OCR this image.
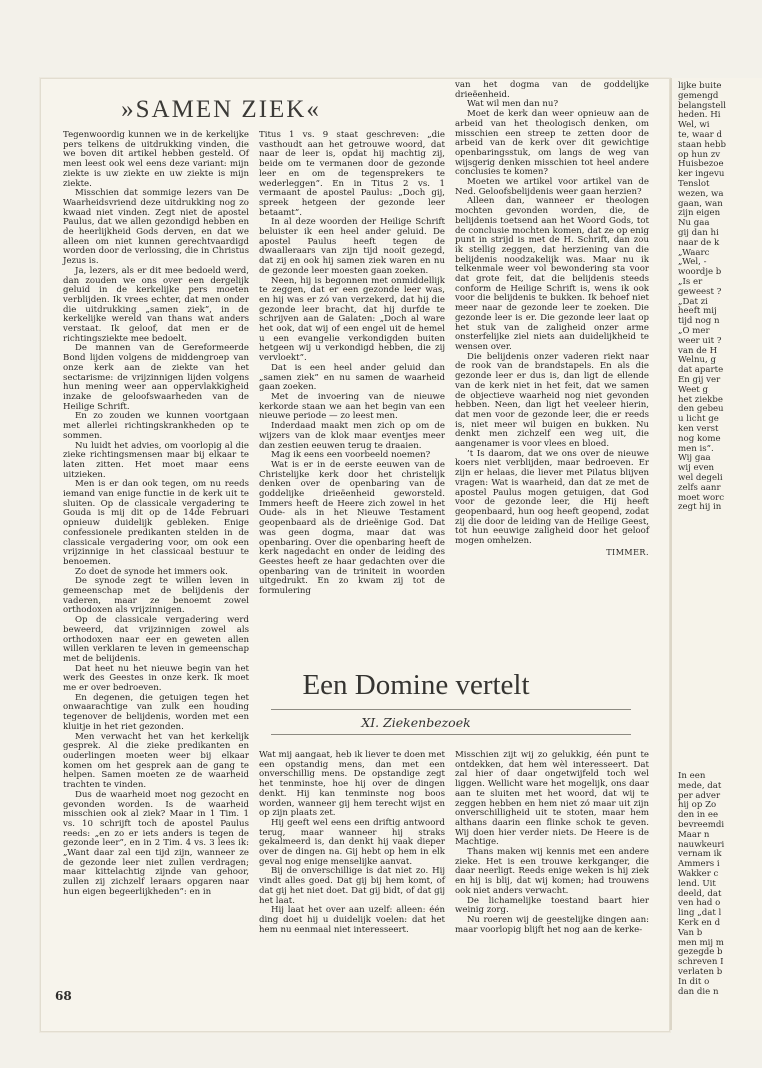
»SAMEN ZIEK«

Tegenwoordig kunnen we in de kerkelijke pers telkens de uitdrukking vinden, die we boven dit artikel hebben gesteld. Of men leest ook wel eens deze variant: mijn ziekte is uw ziekte en uw ziekte is mijn ziekte.

Misschien dat sommige lezers van De Waarheidsvriend deze uitdrukking nog zo kwaad niet vinden. Zegt niet de apostel Paulus, dat we allen gezondigd hebben en de heerlijkheid Gods derven, en dat we alleen om niet kunnen gerechtvaardigd worden door de verlossing, die in Christus Jezus is.

Ja, lezers, als er dit mee bedoeld werd, dan zouden we ons over een dergelijk geluid in de kerkelijke pers moeten verblijden. Ik vrees echter, dat men onder die uitdrukking „samen ziek”, in de kerkelijke wereld van thans wat anders verstaat. Ik geloof, dat men er de richtingsziekte mee bedoelt.

De mannen van de Gereformeerde Bond lijden volgens de middengroep van onze kerk aan de ziekte van het sectarisme: de vrijzinnigen lijden volgens hun mening weer aan oppervlakkigheid inzake de geloofswaarheden van de Heilige Schrift.

En zo zouden we kunnen voortgaan met allerlei richtingskrankheden op te sommen.

Nu luidt het advies, om voorlopig al die zieke richtingsmensen maar bij elkaar te laten zitten. Het moet maar eens uitzieken.

Men is er dan ook tegen, om nu reeds iemand van enige functie in de kerk uit te sluiten. Op de classicale vergadering te Gouda is mij dit op de 14de Februari opnieuw duidelijk gebleken. Enige confessionele predikanten stelden in de classicale vergadering voor, om ook een vrijzinnige in het classicaal bestuur te benoemen.

Zo doet de synode het immers ook.

De synode zegt te willen leven in gemeenschap met de belijdenis der vaderen, maar ze benoemt zowel orthodoxen als vrijzinnigen.

Op de classicale vergadering werd beweerd, dat vrijzinnigen zowel als orthodoxen naar eer en geweten allen willen verklaren te leven in gemeenschap met de belijdenis.

Dat heet nu het nieuwe begin van het werk des Geestes in onze kerk. Ik moet me er over bedroeven.

En degenen, die getuigen tegen het onwaarachtige van zulk een houding tegenover de belijdenis, worden met een kluitje in het riet gezonden.

Men verwacht het van het kerkelijk gesprek. Al die zieke predikanten en ouderlingen moeten weer bij elkaar komen om het gesprek aan de gang te helpen. Samen moeten ze de waarheid trachten te vinden.

Dus de waarheid moet nog gezocht en gevonden worden. Is de waarheid misschien ook al ziek? Maar in 1 Tim. 1 vs. 10 schrijft toch de apostel Paulus reeds: „en zo er iets anders is tegen de gezonde leer”, en in 2 Tim. 4 vs. 3 lees ik: „Want daar zal een tijd zijn, wanneer ze de gezonde leer niet zullen verdragen; maar kittelachtig zijnde van gehoor, zullen zij zichzelf leraars opgaren naar hun eigen begeerlijkheden”: en in

Titus 1 vs. 9 staat geschreven: „die vasthoudt aan het getrouwe woord, dat naar de leer is, opdat hij machtig zij, beide om te vermanen door de gezonde leer en om de tegensprekers te wederleggen”. En in Titus 2 vs. 1 vermaant de apostel Paulus: „Doch gij, spreek hetgeen der gezonde leer betaamt”.

In al deze woorden der Heilige Schrift beluister ik een heel ander geluid. De apostel Paulus heeft tegen de dwaalleraars van zijn tijd nooit gezegd, dat zij en ook hij samen ziek waren en nu de gezonde leer moesten gaan zoeken.

Neen, hij is begonnen met onmiddellijk te zeggen, dat er een gezonde leer was, en hij was er zó van verzekerd, dat hij die gezonde leer bracht, dat hij durfde te schrijven aan de Galaten: „Doch al ware het ook, dat wij of een engel uit de hemel u een evangelie verkondigden buiten hetgeen wij u verkondigd hebben, die zij vervloekt”.

Dat is een heel ander geluid dan „samen ziek” en nu samen de waarheid gaan zoeken.

Met de invoering van de nieuwe kerkorde staan we aan het begin van een nieuwe periode — zo leest men.

Inderdaad maakt men zich op om de wijzers van de klok maar eventjes meer dan zestien eeuwen terug te draaien.

Mag ik eens een voorbeeld noemen?

Wat is er in de eerste eeuwen van de Christelijke kerk door het christelijk denken over de openbaring van de goddelijke drieëenheid geworsteld. Immers heeft de Heere zich zowel in het Oude- als in het Nieuwe Testament geopenbaard als de drieënige God. Dat was geen dogma, maar dat was openbaring. Over die openbaring heeft de kerk nagedacht en onder de leiding des Geestes heeft ze haar gedachten over die openbaring van de triniteit in woorden uitgedrukt. En zo kwam zij tot de formulering

van het dogma van de goddelijke drieëenheid.

Wat wil men dan nu?

Moet de kerk dan weer opnieuw aan de arbeid van het theologisch denken, om misschien een streep te zetten door de arbeid van de kerk over dit gewichtige openbaringsstuk, om langs de weg van wijsgerig denken misschien tot heel andere conclusies te komen?

Moeten we artikel voor artikel van de Ned. Geloofsbelijdenis weer gaan herzien?

Alleen dan, wanneer er theologen mochten gevonden worden, die, de belijdenis toetsend aan het Woord Gods, tot de conclusie mochten komen, dat ze op enig punt in strijd is met de H. Schrift, dan zou ik stellig zeggen, dat herziening van die belijdenis noodzakelijk was. Maar nu ik telkenmale weer vol bewondering sta voor dat grote feit, dat die belijdenis steeds conform de Heilige Schrift is, wens ik ook voor die belijdenis te bukken. Ik behoef niet meer naar de gezonde leer te zoeken. Die gezonde leer is er. Die gezonde leer laat op het stuk van de zaligheid onzer arme onsterfelijke ziel niets aan duidelijkheid te wensen over.

Die belijdenis onzer vaderen riekt naar de rook van de brandstapels. En als die gezonde leer er dus is, dan ligt de ellende van de kerk niet in het feit, dat we samen de objectieve waarheid nog niet gevonden hebben. Neen, dan ligt het veeleer hierin, dat men voor de gezonde leer, die er reeds is, niet meer wil buigen en bukken. Nu denkt men zichzelf een weg uit, die aangenamer is voor vlees en bloed.

’t Is daarom, dat we ons over de nieuwe koers niet verblijden, maar bedroeven. Er zijn er helaas, die liever met Pilatus blijven vragen: Wat is waarheid, dan dat ze met de apostel Paulus mogen getuigen, dat God voor de gezonde leer, die Hij heeft geopenbaard, hun oog heeft geopend, zodat zij die door de leiding van de Heilige Geest, tot hun eeuwige zaligheid door het geloof mogen omhelzen.

TIMMER.
Een Domine vertelt
XI. Ziekenbezoek

Wat mij aangaat, heb ik liever te doen met een opstandig mens, dan met een onverschillig mens. De opstandige zegt het tenminste, hoe hij over de dingen denkt. Hij kan tenminste nog boos worden, wanneer gij hem terecht wijst en op zijn plaats zet.

Hij geeft wel eens een driftig antwoord terug, maar wanneer hij straks gekalmeerd is, dan denkt hij vaak dieper over de dingen na. Gij hebt op hem in elk geval nog enige menselijke aanvat.

Bij de onverschillige is dat niet zo. Hij vindt alles goed. Dat gij bij hem komt, of dat gij het niet doet. Dat gij bidt, of dat gij het laat.

Hij laat het over aan uzelf: alleen: één ding doet hij u duidelijk voelen: dat het hem nu eenmaal niet interesseert.

Misschien zijt wij zo gelukkig, één punt te ontdekken, dat hem wèl interesseert. Dat zal hier of daar ongetwijfeld toch wel liggen. Wellicht ware het mogelijk, ons daar aan te sluiten met het woord, dat wij te zeggen hebben en hem niet zó maar uit zijn onverschilligheid uit te stoten, maar hem althans daarin een flinke schok te geven. Wij doen hier verder niets. De Heere is de Machtige.

Thans maken wij kennis met een andere zieke. Het is een trouwe kerkganger, die daar neerligt. Reeds enige weken is hij ziek en hij is blij, dat wij komen; had trouwens ook niet anders verwacht.

De lichamelijke toestand baart hier weinig zorg.

Nu roeren wij de geestelijke dingen aan: maar voorlopig blijft het nog aan de kerke-

68
lijke buite
gemengd
belangstell
heden. Hi
Wel, wi
te, waar d
staan hebb
op hun zv
Huisbezoe
ker ingevu
Tenslot
wezen, wa
gaan, wan
zijn eigen
Nu gaa
gij dan hi
naar de k
„Waarc
„Wel, -
woordje b
„Is er
geweest ?
„Dat zi
heeft mij
tijd nog n
„O mer
weer uit ?
van de H
Welnu, g
dat aparte
En gij ver
Weet g
het ziekbe
den gebeu
u licht ge
ken verst
nog kome
men is”.
Wij gaa
wij even
wel degeli
zelfs aanr
moet worc
zegt hij in
In een
mede, dat
per adver
hij op Zo
den in ee
bevreemdi
Maar n
nauwkeuri
vernam ik
Ammers i
Wakker c
lend. Uit
deeld, dat
ven had o
ling „dat l
Kerk en d
Van b
men mij m
gezegde b
schreven I
verlaten b
In dit o
dan die n
